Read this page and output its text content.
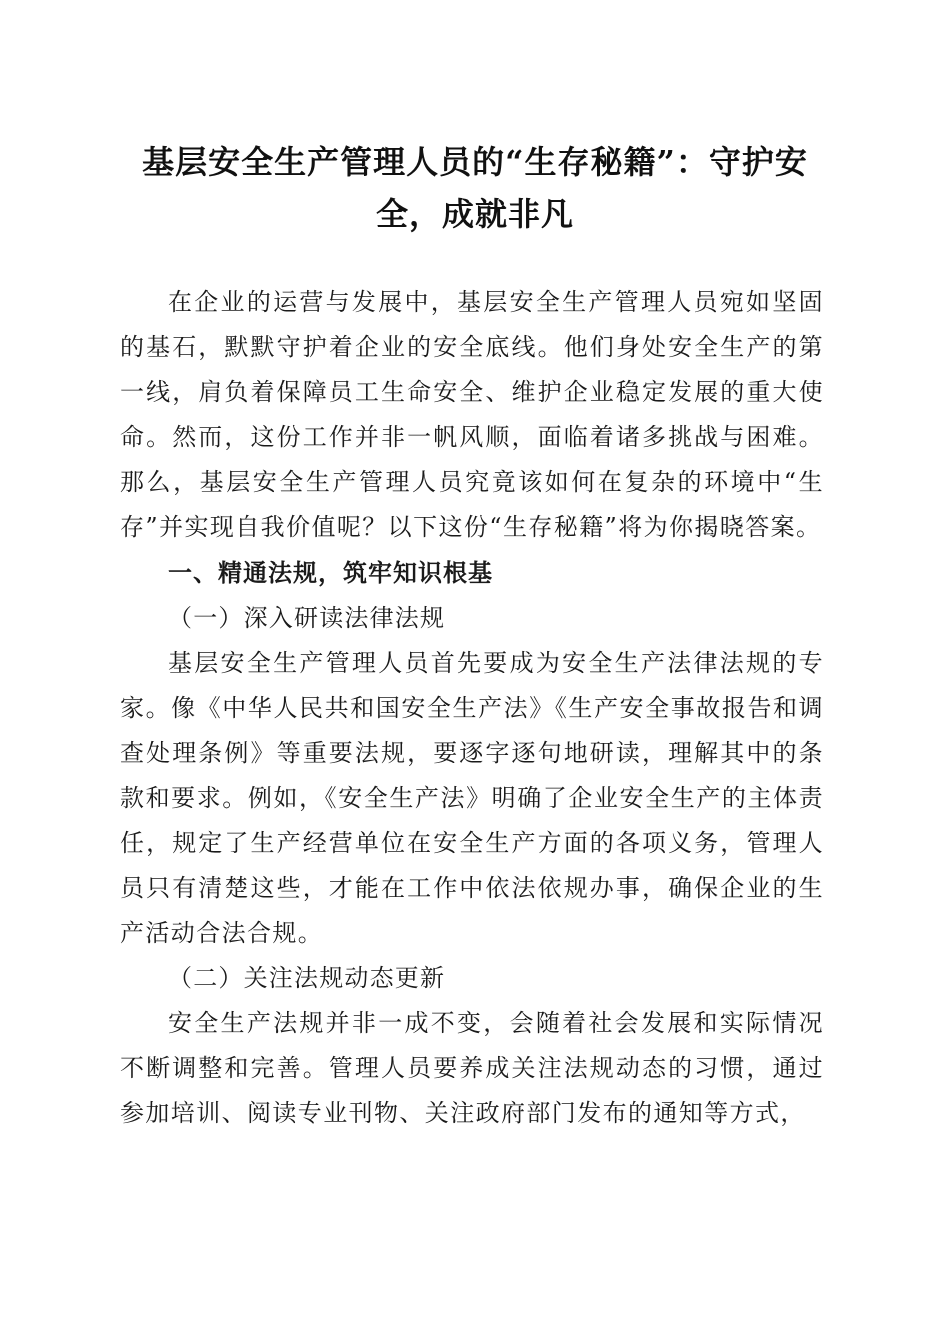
基层安全生产管理人员的“生存秘籍”：守护安全，成就非凡

在企业的运营与发展中，基层安全生产管理人员宛如坚固的基石，默默守护着企业的安全底线。他们身处安全生产的第一线，肩负着保障员工生命安全、维护企业稳定发展的重大使命。然而，这份工作并非一帆风顺，面临着诸多挑战与困难。那么，基层安全生产管理人员究竟该如何在复杂的环境中“生存”并实现自我价值呢？以下这份“生存秘籍”将为你揭晓答案。

一、精通法规，筑牢知识根基

（一）深入研读法律法规

基层安全生产管理人员首先要成为安全生产法律法规的专家。像《中华人民共和国安全生产法》《生产安全事故报告和调查处理条例》等重要法规，要逐字逐句地研读，理解其中的条款和要求。例如，《安全生产法》明确了企业安全生产的主体责任，规定了生产经营单位在安全生产方面的各项义务，管理人员只有清楚这些，才能在工作中依法依规办事，确保企业的生产活动合法合规。

（二）关注法规动态更新

安全生产法规并非一成不变，会随着社会发展和实际情况不断调整和完善。管理人员要养成关注法规动态的习惯，通过参加培训、阅读专业刊物、关注政府部门发布的通知等方式，
